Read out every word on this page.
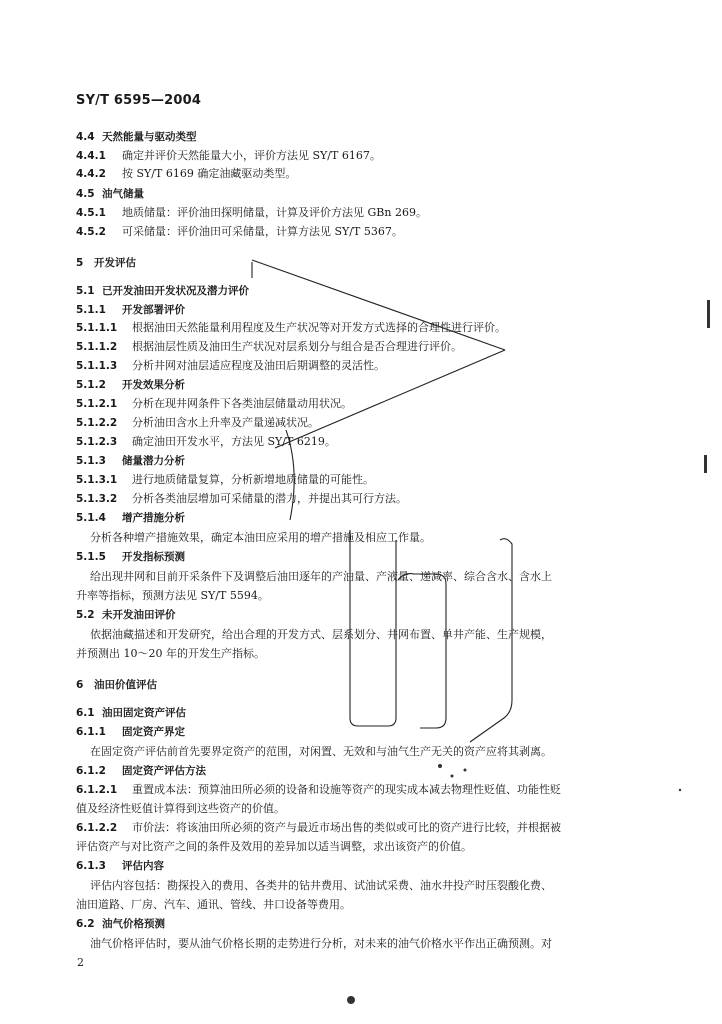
SY/T 6595—2004
4.4 天然能量与驱动类型
4.4.1 确定并评价天然能量大小，评价方法见 SY/T 6167。
4.4.2 按 SY/T 6169 确定油藏驱动类型。
4.5 油气储量
4.5.1 地质储量：评价油田探明储量，计算及评价方法见 GBn 269。
4.5.2 可采储量：评价油田可采储量，计算方法见 SY/T 5367。
5 开发评估
5.1 已开发油田开发状况及潜力评价
5.1.1 开发部署评价
5.1.1.1 根据油田天然能量利用程度及生产状况等对开发方式选择的合理性进行评价。
5.1.1.2 根据油层性质及油田生产状况对层系划分与组合是否合理进行评价。
5.1.1.3 分析井网对油层适应程度及油田后期调整的灵活性。
5.1.2 开发效果分析
5.1.2.1 分析在现井网条件下各类油层储量动用状况。
5.1.2.2 分析油田含水上升率及产量递减状况。
5.1.2.3 确定油田开发水平，方法见 SY/T 6219。
5.1.3 储量潜力分析
5.1.3.1 进行地质储量复算，分析新增地质储量的可能性。
5.1.3.2 分析各类油层增加可采储量的潜力，并提出其可行方法。
5.1.4 增产措施分析
分析各种增产措施效果，确定本油田应采用的增产措施及相应工作量。
5.1.5 开发指标预测
给出现井网和目前开采条件下及调整后油田逐年的产油量、产液量、递减率、综合含水、含水上
升率等指标，预测方法见 SY/T 5594。
5.2 未开发油田评价
依据油藏描述和开发研究，给出合理的开发方式、层系划分、井网布置、单井产能、生产规模，
并预测出 10～20 年的开发生产指标。
6 油田价值评估
6.1 油田固定资产评估
6.1.1 固定资产界定
在固定资产评估前首先要界定资产的范围，对闲置、无效和与油气生产无关的资产应将其剥离。
6.1.2 固定资产评估方法
6.1.2.1 重置成本法：预算油田所必须的设备和设施等资产的现实成本减去物理性贬值、功能性贬
值及经济性贬值计算得到这些资产的价值。
6.1.2.2 市价法：将该油田所必须的资产与最近市场出售的类似或可比的资产进行比较，并根据被
评估资产与对比资产之间的条件及效用的差异加以适当调整，求出该资产的价值。
6.1.3 评估内容
评估内容包括：勘探投入的费用、各类井的钻井费用、试油试采费、油水井投产时压裂酸化费、
油田道路、厂房、汽车、通讯、管线、井口设备等费用。
6.2 油气价格预测
油气价格评估时，要从油气价格长期的走势进行分析，对未来的油气价格水平作出正确预测。对
2
